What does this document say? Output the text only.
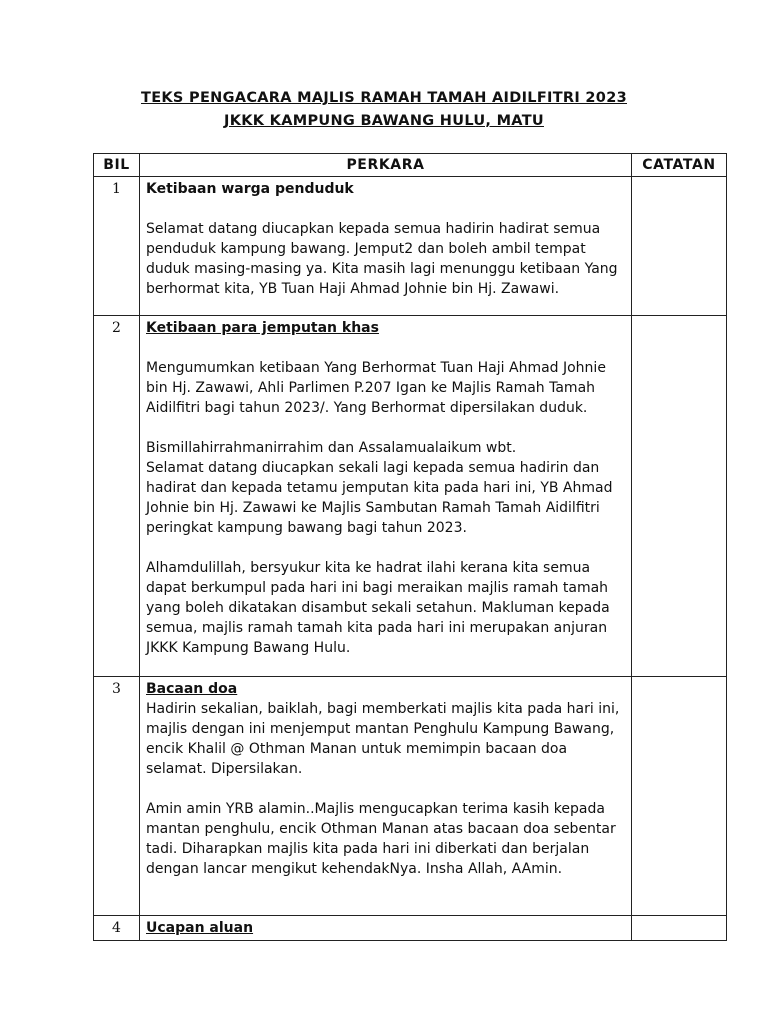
TEKS PENGACARA MAJLIS RAMAH TAMAH AIDILFITRI 2023
JKKK KAMPUNG BAWANG HULU, MATU
BIL	PERKARA	CATATAN
1	Ketibaan warga penduduk
Selamat datang diucapkan kepada semua hadirin hadirat semua penduduk kampung bawang. Jemput2 dan boleh ambil tempat duduk masing-masing ya. Kita masih lagi menunggu ketibaan Yang berhormat kita, YB Tuan Haji Ahmad Johnie bin Hj. Zawawi.	

2	Ketibaan para jemputan khas
Mengumumkan ketibaan Yang Berhormat Tuan Haji Ahmad Johnie bin Hj. Zawawi, Ahli Parlimen P.207 Igan ke Majlis Ramah Tamah Aidilfitri bagi tahun 2023/. Yang Berhormat dipersilakan duduk.
Bismillahirrahmanirrahim dan Assalamualaikum wbt.
Selamat datang diucapkan sekali lagi kepada semua hadirin dan hadirat dan kepada tetamu jemputan kita pada hari ini, YB Ahmad Johnie bin Hj. Zawawi ke Majlis Sambutan Ramah Tamah Aidilfitri peringkat kampung bawang bagi tahun 2023.
Alhamdulillah, bersyukur kita ke hadrat ilahi kerana kita semua dapat berkumpul pada hari ini bagi meraikan majlis ramah tamah yang boleh dikatakan disambut sekali setahun. Makluman kepada semua, majlis ramah tamah kita pada hari ini merupakan anjuran JKKK Kampung Bawang Hulu.	

3	Bacaan doa
Hadirin sekalian, baiklah, bagi memberkati majlis kita pada hari ini, majlis dengan ini menjemput mantan Penghulu Kampung Bawang, encik Khalil @ Othman Manan untuk memimpin bacaan doa selamat. Dipersilakan.
Amin amin YRB alamin..Majlis mengucapkan terima kasih kepada mantan penghulu, encik Othman Manan atas bacaan doa sebentar tadi. Diharapkan majlis kita pada hari ini diberkati dan berjalan dengan lancar mengikut kehendakNya. Insha Allah, AAmin.	

4	Ucapan aluan	
